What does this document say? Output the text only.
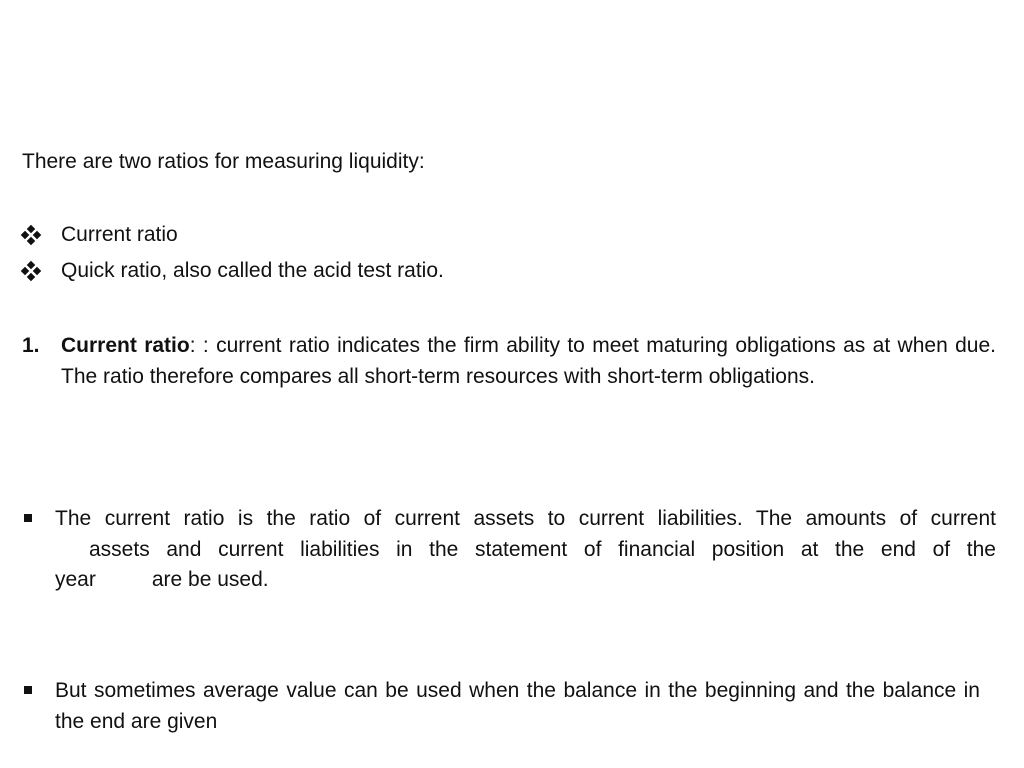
There are two ratios for measuring liquidity:
Current ratio
Quick ratio, also called the acid test ratio.
1. Current ratio: : current ratio indicates the firm ability to meet maturing obligations as at when due. The ratio therefore compares all short-term resources with short-term obligations.
The current ratio is the ratio of current assets to current liabilities. The amounts of current
assets and current liabilities in the statement of financial position at the end of the
year	are be used.
But sometimes average value can be used when the balance in the beginning and the balance in the end are given
